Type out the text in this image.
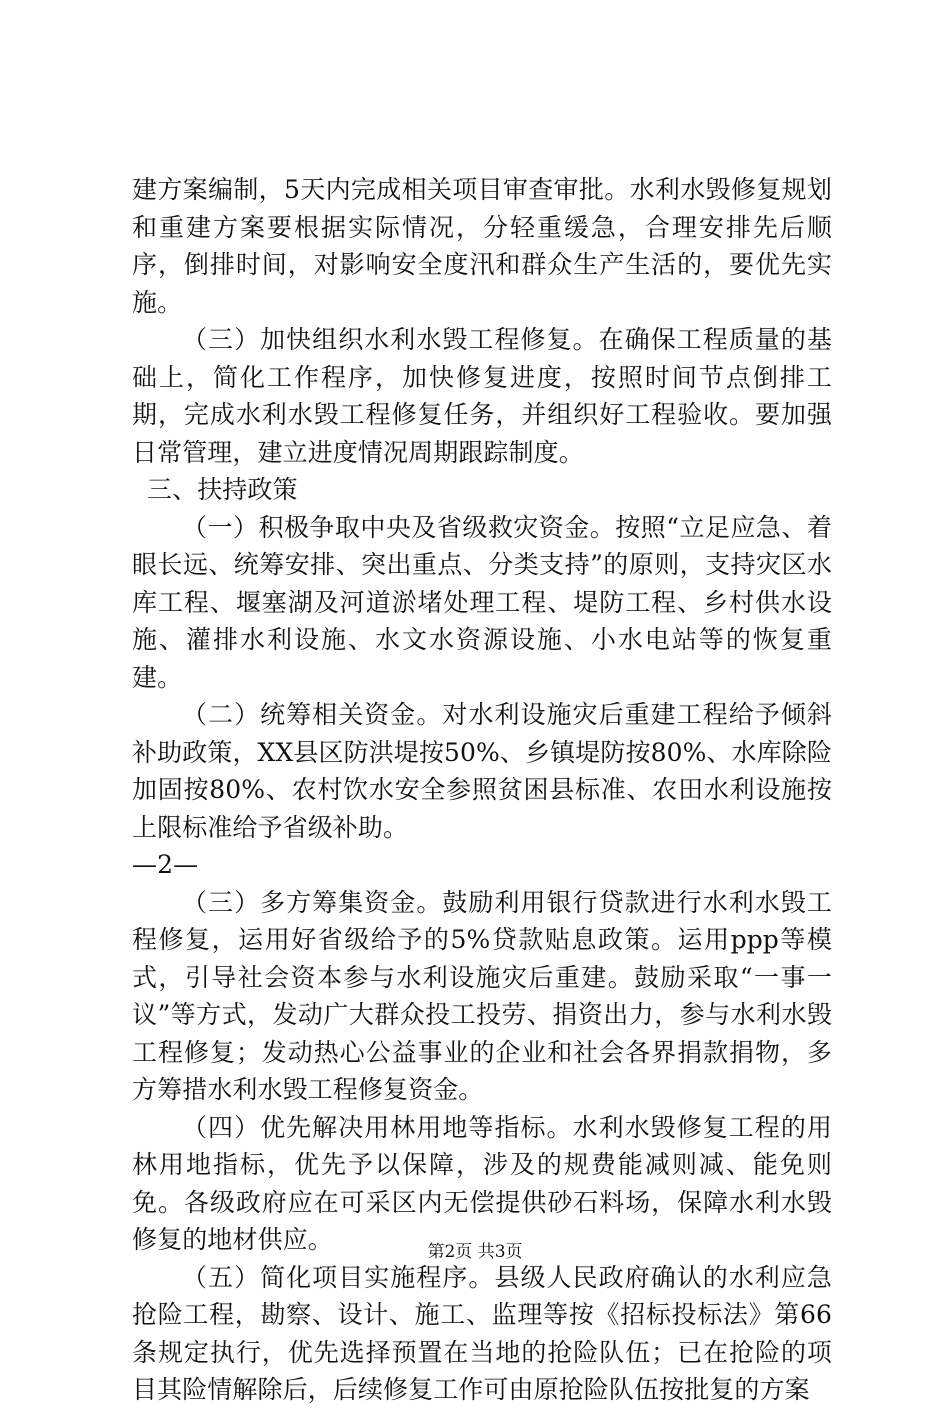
建方案编制，5天内完成相关项目审查审批。水利水毁修复规划和重建方案要根据实际情况，分轻重缓急，合理安排先后顺序，倒排时间，对影响安全度汛和群众生产生活的，要优先实施。

（三）加快组织水利水毁工程修复。在确保工程质量的基础上，简化工作程序，加快修复进度，按照时间节点倒排工期，完成水利水毁工程修复任务，并组织好工程验收。要加强日常管理，建立进度情况周期跟踪制度。

三、扶持政策

（一）积极争取中央及省级救灾资金。按照“立足应急、着眼长远、统筹安排、突出重点、分类支持”的原则，支持灾区水库工程、堰塞湖及河道淤堵处理工程、堤防工程、乡村供水设施、灌排水利设施、水文水资源设施、小水电站等的恢复重建。

（二）统筹相关资金。对水利设施灾后重建工程给予倾斜补助政策，XX县区防洪堤按50%、乡镇堤防按80%、水库除险加固按80%、农村饮水安全参照贫困县标准、农田水利设施按上限标准给予省级补助。

—2—

（三）多方筹集资金。鼓励利用银行贷款进行水利水毁工程修复，运用好省级给予的5%贷款贴息政策。运用ppp等模式，引导社会资本参与水利设施灾后重建。鼓励采取“一事一议”等方式，发动广大群众投工投劳、捐资出力，参与水利水毁工程修复；发动热心公益事业的企业和社会各界捐款捐物，多方筹措水利水毁工程修复资金。

（四）优先解决用林用地等指标。水利水毁修复工程的用林用地指标，优先予以保障，涉及的规费能减则减、能免则免。各级政府应在可采区内无偿提供砂石料场，保障水利水毁修复的地材供应。

（五）简化项目实施程序。县级人民政府确认的水利应急抢险工程，勘察、设计、施工、监理等按《招标投标法》第66条规定执行，优先选择预置在当地的抢险队伍；已在抢险的项目其险情解除后，后续修复工作可由原抢险队伍按批复的方案

第2页 共3页
